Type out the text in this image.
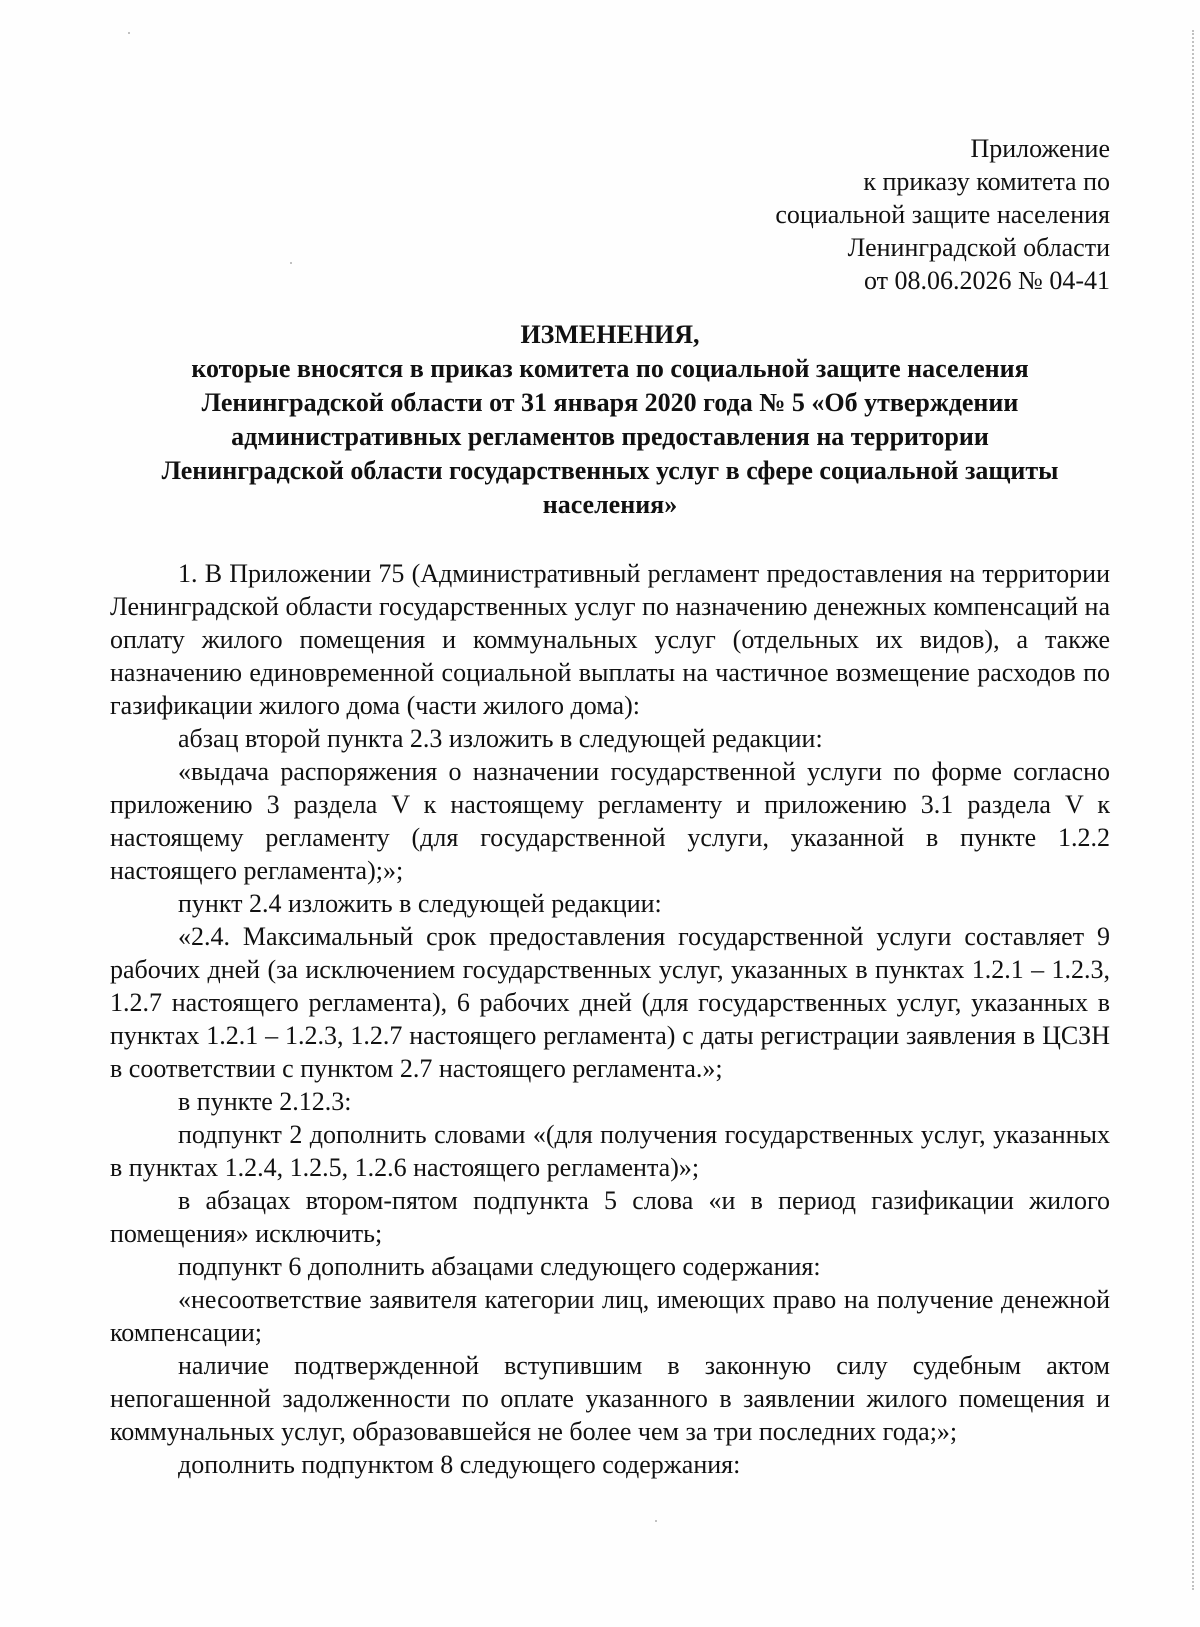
Приложение
к приказу комитета по
социальной защите населения
Ленинградской области
от 08.06.2026 № 04-41
ИЗМЕНЕНИЯ,
которые вносятся в приказ комитета по социальной защите населения
Ленинградской области от 31 января 2020 года № 5 «Об утверждении
административных регламентов предоставления на территории
Ленинградской области государственных услуг в сфере социальной защиты
населения»

1. В Приложении 75 (Административный регламент предоставления на территории Ленинградской области государственных услуг по назначению денежных компенсаций на оплату жилого помещения и коммунальных услуг (отдельных их видов), а также назначению единовременной социальной выплаты на частичное возмещение расходов по газификации жилого дома (части жилого дома):

абзац второй пункта 2.3 изложить в следующей редакции:

«выдача распоряжения о назначении государственной услуги по форме согласно приложению 3 раздела V к настоящему регламенту и приложению 3.1 раздела V к настоящему регламенту (для государственной услуги, указанной в пункте 1.2.2 настоящего регламента);»;

пункт 2.4 изложить в следующей редакции:

«2.4. Максимальный срок предоставления государственной услуги составляет 9 рабочих дней (за исключением государственных услуг, указанных в пунктах 1.2.1 – 1.2.3, 1.2.7 настоящего регламента), 6 рабочих дней (для государственных услуг, указанных в пунктах 1.2.1 – 1.2.3, 1.2.7 настоящего регламента) с даты регистрации заявления в ЦСЗН в соответствии с пунктом 2.7 настоящего регламента.»;

в пункте 2.12.3:

подпункт 2 дополнить словами «(для получения государственных услуг, указанных в пунктах 1.2.4, 1.2.5, 1.2.6 настоящего регламента)»;

в абзацах втором-пятом подпункта 5 слова «и в период газификации жилого помещения» исключить;

подпункт 6 дополнить абзацами следующего содержания:

«несоответствие заявителя категории лиц, имеющих право на получение денежной компенсации;

наличие подтвержденной вступившим в законную силу судебным актом непогашенной задолженности по оплате указанного в заявлении жилого помещения и коммунальных услуг, образовавшейся не более чем за три последних года;»;

дополнить подпунктом 8 следующего содержания:
